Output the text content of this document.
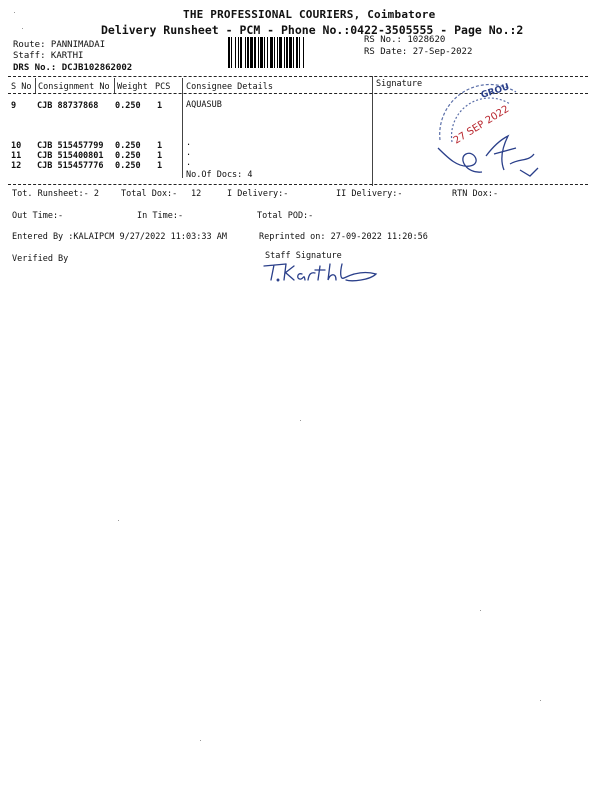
THE PROFESSIONAL COURIERS, Coimbatore
Delivery Runsheet - PCM - Phone No.:0422-3505555 - Page No.:2
Route: PANNIMADAI
Staff: KARTHI
DRS No.: DCJB102862002
RS No.: 1028620
RS Date: 27-Sep-2022
S No Consignment No Weight PCS Consignee Details	Signature
9 CJB 88737868 0.250 1	AQUASUB
10 CJB 515457799 0.250 1	.
11 CJB 515400801 0.250 1	.
12 CJB 515457776 0.250 1	.
No.Of Docs: 4
GROU
27 SEP 2022
Tot. Runsheet:- 2	Total Dox:- 12	I Delivery:-	II Delivery:-	RTN Dox:-
Out Time:-	In Time:-	Total POD:-
Entered By :KALAIPCM 9/27/2022 11:03:33 AM	Reprinted on: 27-09-2022 11:20:56
Verified By	Staff Signature
